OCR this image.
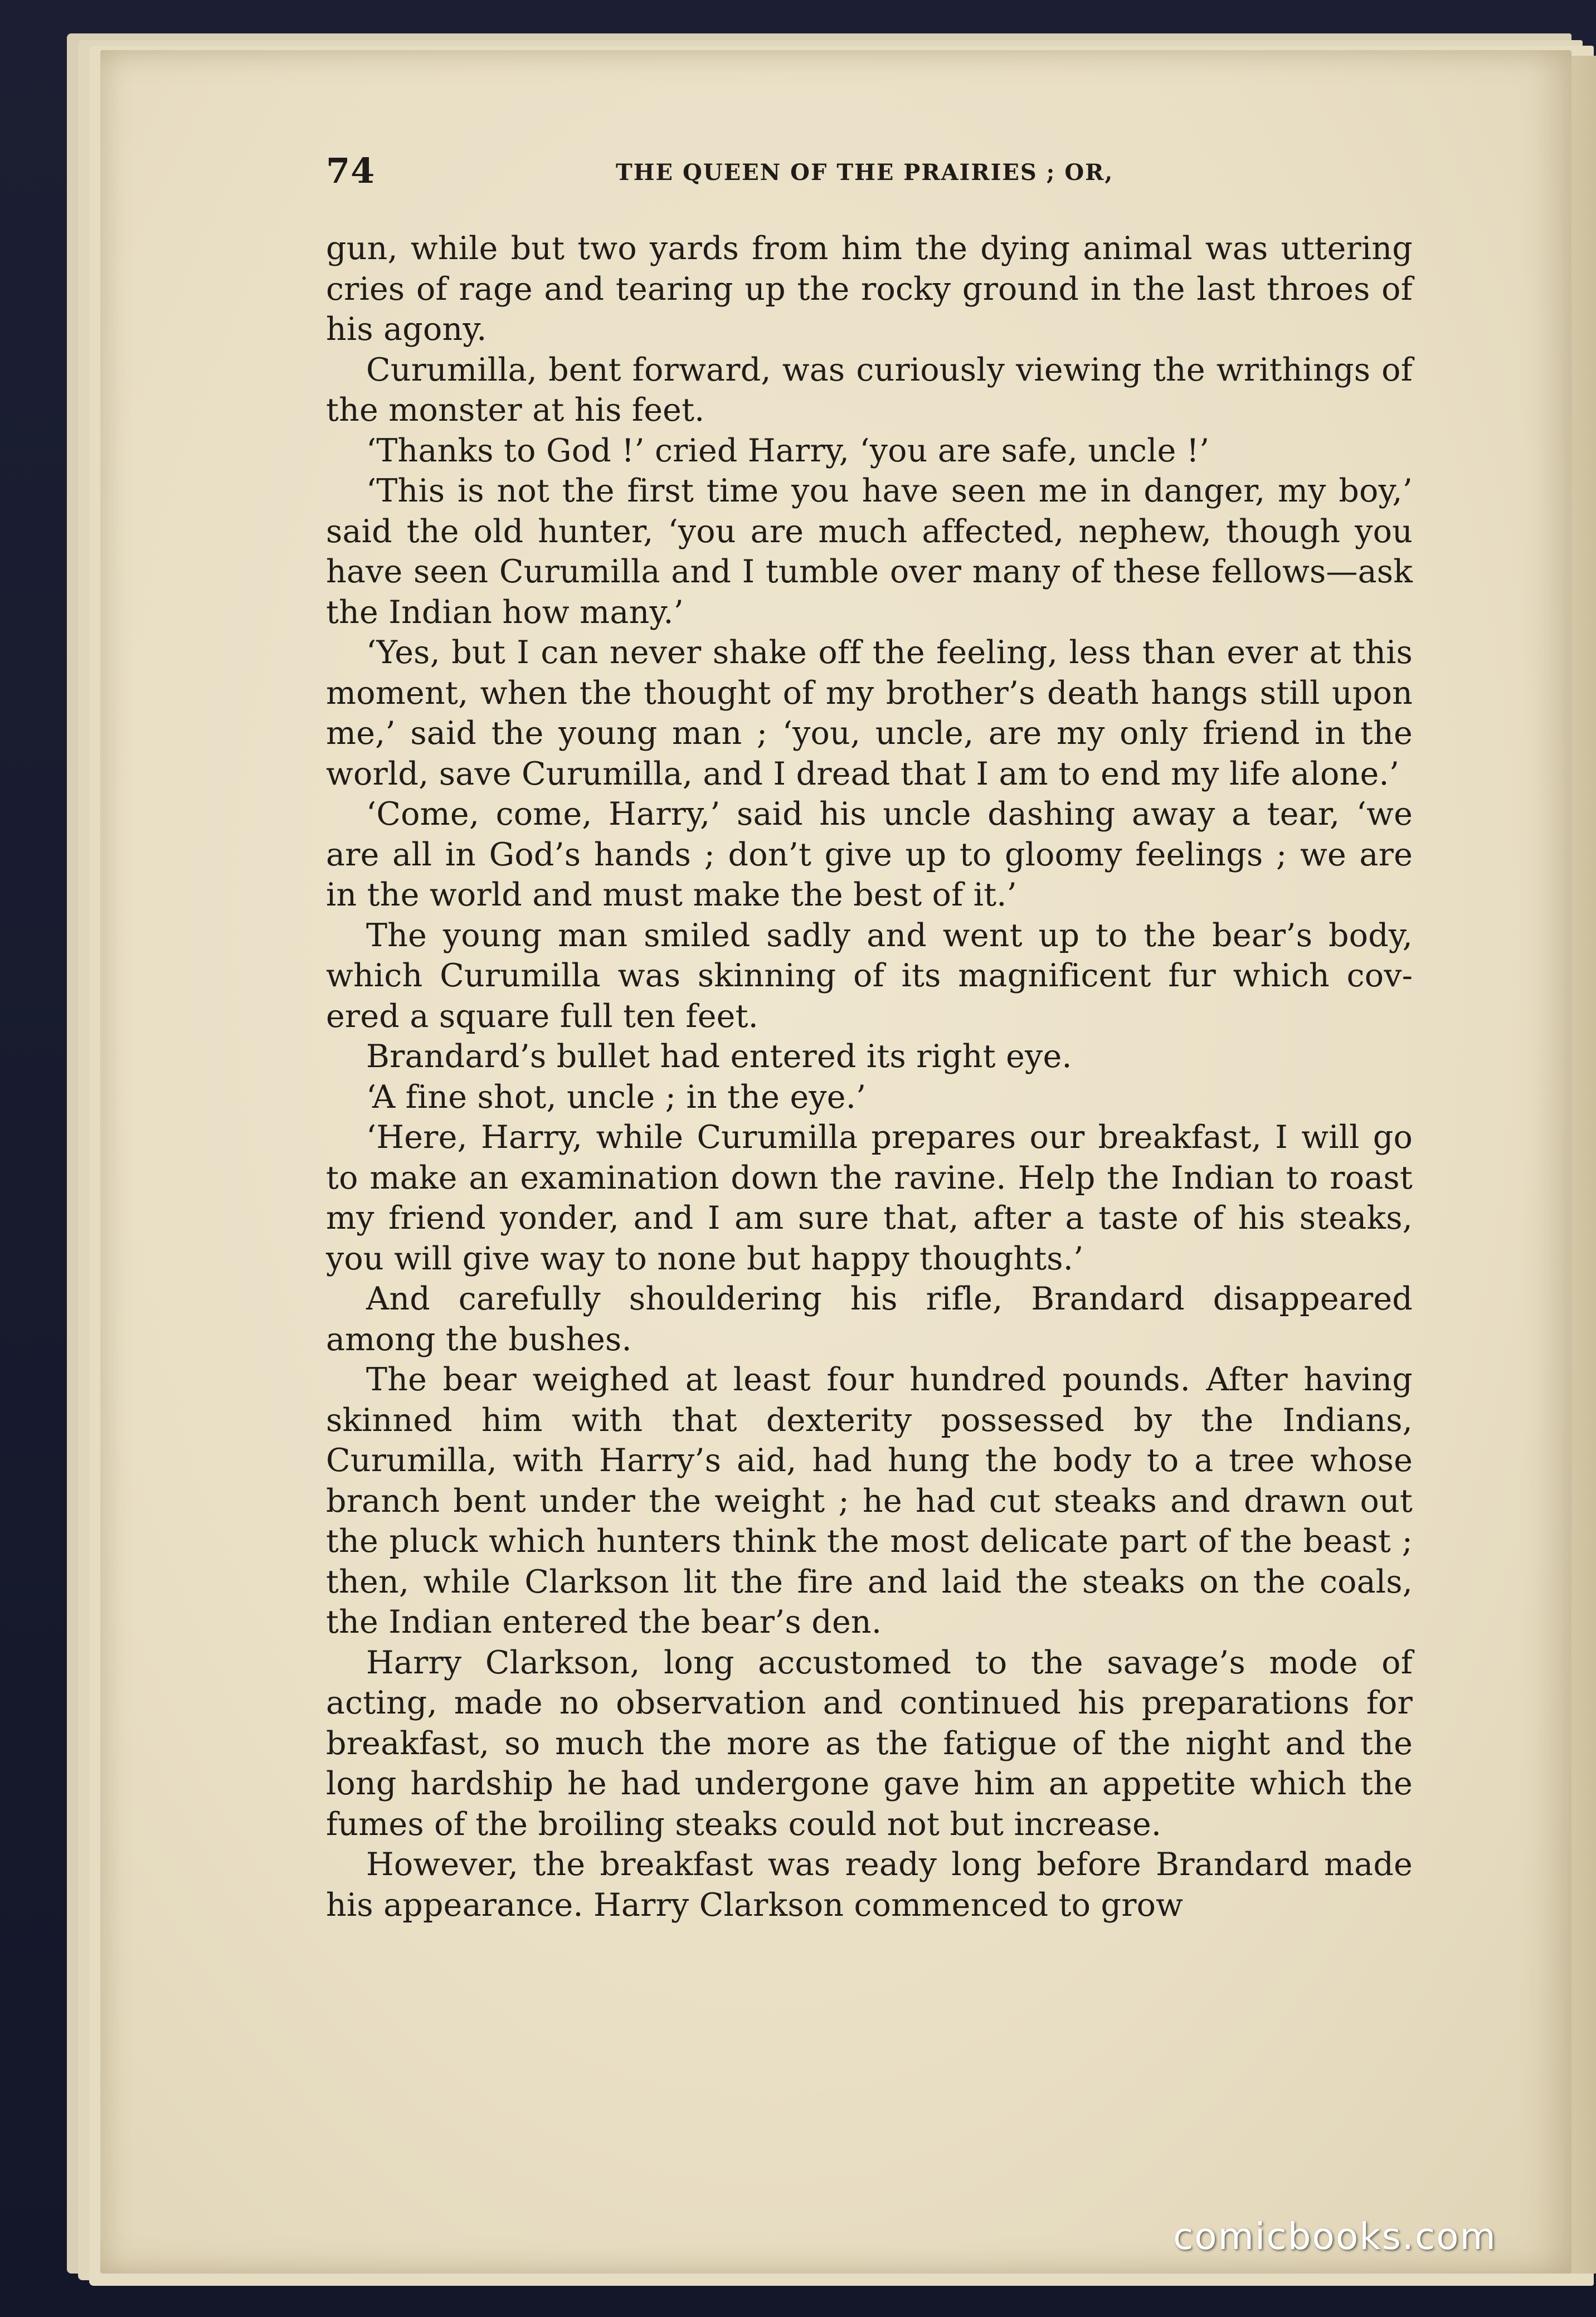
74	THE QUEEN OF THE PRAIRIES ; OR,

gun, while but two yards from him the dying animal was uttering cries of rage and tearing up the rocky ground in the last throes of his agony.

Curumilla, bent forward, was curiously viewing the writhings of the monster at his feet.

‘Thanks to God !’ cried Harry, ‘you are safe, uncle !’

‘This is not the first time you have seen me in danger, my boy,’ said the old hunter, ‘you are much affected, nephew, though you have seen Curumilla and I tumble over many of these fellows—ask the Indian how many.’

‘Yes, but I can never shake off the feeling, less than ever at this moment, when the thought of my brother’s death hangs still upon me,’ said the young man ; ‘you, uncle, are my only friend in the world, save Curumilla, and I dread that I am to end my life alone.’

‘Come, come, Harry,’ said his uncle dashing away a tear, ‘we are all in God’s hands ; don’t give up to gloomy feelings ; we are in the world and must make the best of it.’

The young man smiled sadly and went up to the bear’s body, which Curumilla was skinning of its magnificent fur which covered a square full ten feet.

Brandard’s bullet had entered its right eye.

‘A fine shot, uncle ; in the eye.’

‘Here, Harry, while Curumilla prepares our breakfast, I will go to make an examination down the ravine. Help the Indian to roast my friend yonder, and I am sure that, after a taste of his steaks, you will give way to none but happy thoughts.’

And carefully shouldering his rifle, Brandard disappeared among the bushes.

The bear weighed at least four hundred pounds. After having skinned him with that dexterity possessed by the Indians, Curumilla, with Harry’s aid, had hung the body to a tree whose branch bent under the weight ; he had cut steaks and drawn out the pluck which hunters think the most delicate part of the beast ; then, while Clarkson lit the fire and laid the steaks on the coals, the Indian entered the bear’s den.

Harry Clarkson, long accustomed to the savage’s mode of acting, made no observation and continued his preparations for breakfast, so much the more as the fatigue of the night and the long hardship he had undergone gave him an appetite which the fumes of the broiling steaks could not but increase.

However, the breakfast was ready long before Brandard made his appearance. Harry Clarkson commenced to grow

comicbooks.com
